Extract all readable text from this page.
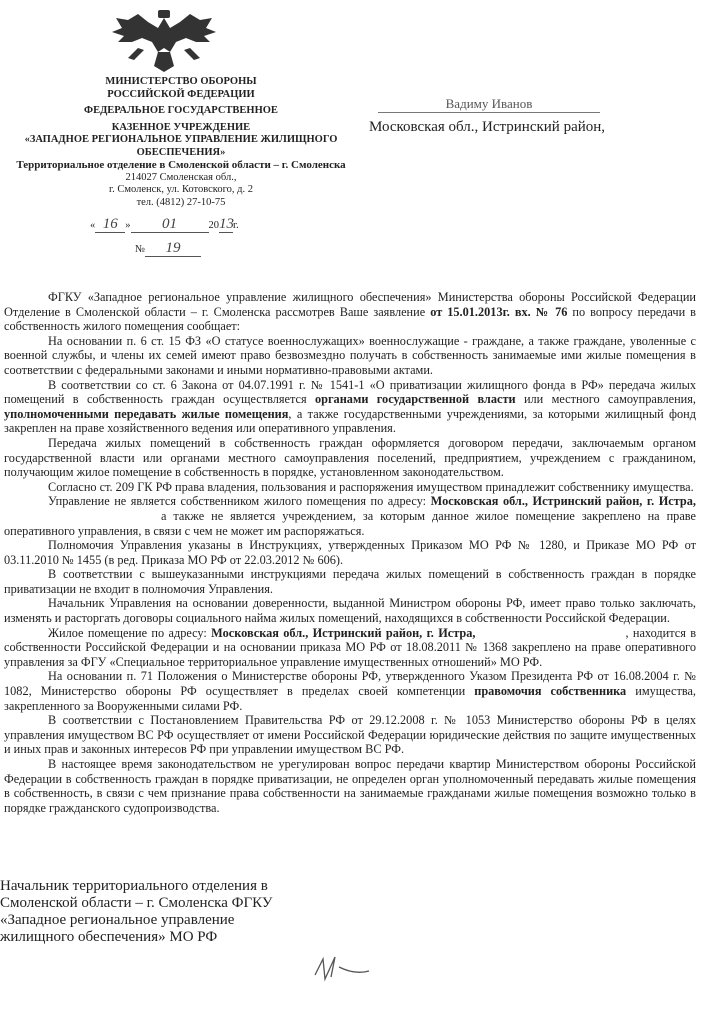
МИНИСТЕРСТВО ОБОРОНЫ
РОССИЙСКОЙ ФЕДЕРАЦИИ
ФЕДЕРАЛЬНОЕ ГОСУДАРСТВЕННОЕ
КАЗЕННОЕ УЧРЕЖДЕНИЕ
«ЗАПАДНОЕ РЕГИОНАЛЬНОЕ УПРАВЛЕНИЕ ЖИЛИЩНОГО
ОБЕСПЕЧЕНИЯ»
Территориальное отделение в Смоленской области – г. Смоленска
214027 Смоленская обл.,
г. Смоленск, ул. Котовского, д. 2
тел. (4812) 27-10-75
« 16 » 01	2013г.
№ 19
Вадиму Иванов
Московская обл., Истринский район,

ФГКУ «Западное региональное управление жилищного обеспечения» Министерства обороны Российской Федерации Отделение в Смоленской области – г. Смоленска рассмотрев Ваше заявление от 15.01.2013г. вх. № 76 по вопросу передачи в собственность жилого помещения сообщает:

На основании п. 6 ст. 15 ФЗ «О статусе военнослужащих» военнослужащие - граждане, а также граждане, уволенные с военной службы, и члены их семей имеют право безвозмездно получать в собственность занимаемые ими жилые помещения в соответствии с федеральными законами и иными нормативно-правовыми актами.

В соответствии со ст. 6 Закона от 04.07.1991 г. № 1541-1 «О приватизации жилищного фонда в РФ» передача жилых помещений в собственность граждан осуществляется органами государственной власти или местного самоуправления, уполномоченными передавать жилые помещения, а также государственными учреждениями, за которыми жилищный фонд закреплен на праве хозяйственного ведения или оперативного управления.

Передача жилых помещений в собственность граждан оформляется договором передачи, заключаемым органом государственной власти или органами местного самоуправления поселений, предприятием, учреждением с гражданином, получающим жилое помещение в собственность в порядке, установленном законодательством.

Согласно ст. 209 ГК РФ права владения, пользования и распоряжения имуществом принадлежит собственнику имущества.

Управление не является собственником жилого помещения по адресу: Московская обл., Истринский район, г. Истра, а также не является учреждением, за которым данное жилое помещение закреплено на праве оперативного управления, в связи с чем не может им распоряжаться.

Полномочия Управления указаны в Инструкциях, утвержденных Приказом МО РФ № 1280, и Приказе МО РФ от 03.11.2010 № 1455 (в ред. Приказа МО РФ от 22.03.2012 № 606).

В соответствии с вышеуказанными инструкциями передача жилых помещений в собственность граждан в порядке приватизации не входит в полномочия Управления.

Начальник Управления на основании доверенности, выданной Министром обороны РФ, имеет право только заключать, изменять и расторгать договоры социального найма жилых помещений, находящихся в собственности Российской Федерации.

Жилое помещение по адресу: Московская обл., Истринский район, г. Истра,	, находится в собственности Российской Федерации и на основании приказа МО РФ от 18.08.2011 № 1368 закреплено на праве оперативного управления за ФГУ «Специальное территориальное управление имущественных отношений» МО РФ.

На основании п. 71 Положения о Министерстве обороны РФ, утвержденного Указом Президента РФ от 16.08.2004 г. № 1082, Министерство обороны РФ осуществляет в пределах своей компетенции правомочия собственника имущества, закрепленного за Вооруженными силами РФ.

В соответствии с Постановлением Правительства РФ от 29.12.2008 г. № 1053 Министерство обороны РФ в целях управления имуществом ВС РФ осуществляет от имени Российской Федерации юридические действия по защите имущественных и иных прав и законных интересов РФ при управлении имуществом ВС РФ.

В настоящее время законодательством не урегулирован вопрос передачи квартир Министерством обороны Российской Федерации в собственность граждан в порядке приватизации, не определен орган уполномоченный передавать жилые помещения в собственность, в связи с чем признание права собственности на занимаемые гражданами жилые помещения возможно только в порядке гражданского судопроизводства.

Начальник территориального отделения в
Смоленской области – г. Смоленска ФГКУ
«Западное региональное управление
жилищного обеспечения» МО РФ
